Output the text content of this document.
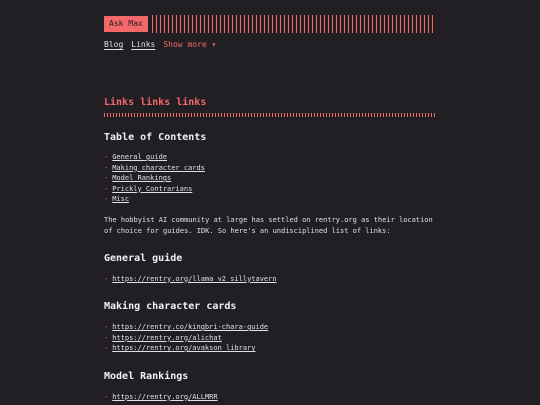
Ask Max
Blog Links Show more ▾
Links links links
Table of Contents
- General guide
- Making character cards
- Model Rankings
- Prickly Contrarians
- Misc

The hobbyist AI community at large has settled on rentry.org as their location of choice for guides. IDK. So here's an undisciplined list of links:

General guide
- https://rentry.org/llama_v2_sillytavern
Making character cards
- https://rentry.co/kingbri-chara-guide
- https://rentry.org/alichat
- https://rentry.org/avakson_library
Model Rankings
- https://rentry.org/ALLMRR
